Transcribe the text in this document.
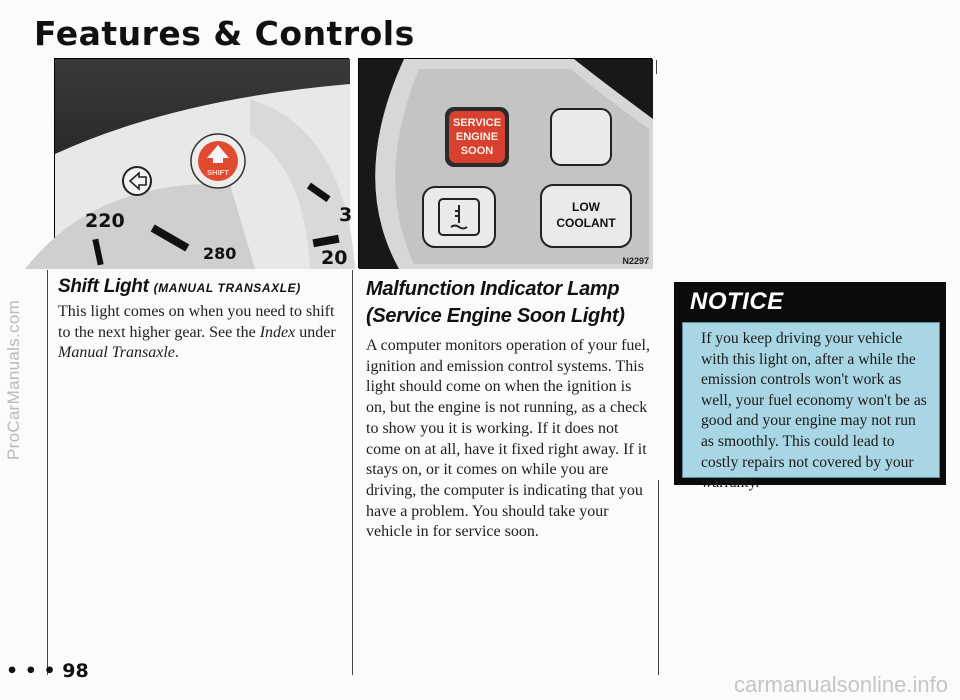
ProCarManuals.com
carmanualsonline.info
Features & Controls
SHIFT
220
280
3
20
SERVICE
ENGINE
SOON
LOW
COOLANT
N2297
Shift Light (MANUAL TRANSAXLE)
This light comes on when you need to shift to the next higher gear. See the Index under Manual Transaxle.
Malfunction Indicator Lamp
(Service Engine Soon Light)
A computer monitors operation of your fuel, ignition and emission control systems. This light should come on when the ignition is on, but the engine is not running, as a check to show you it is working. If it does not come on at all, have it fixed right away. If it stays on, or it comes on while you are driving, the computer is indicating that you have a problem. You should take your vehicle in for service soon.
NOTICE
If you keep driving your vehicle with this light on, after a while the emission controls won't work as well, your fuel economy won't be as good and your engine may not run as smoothly. This could lead to costly repairs not covered by your warranty.
• • • 98
